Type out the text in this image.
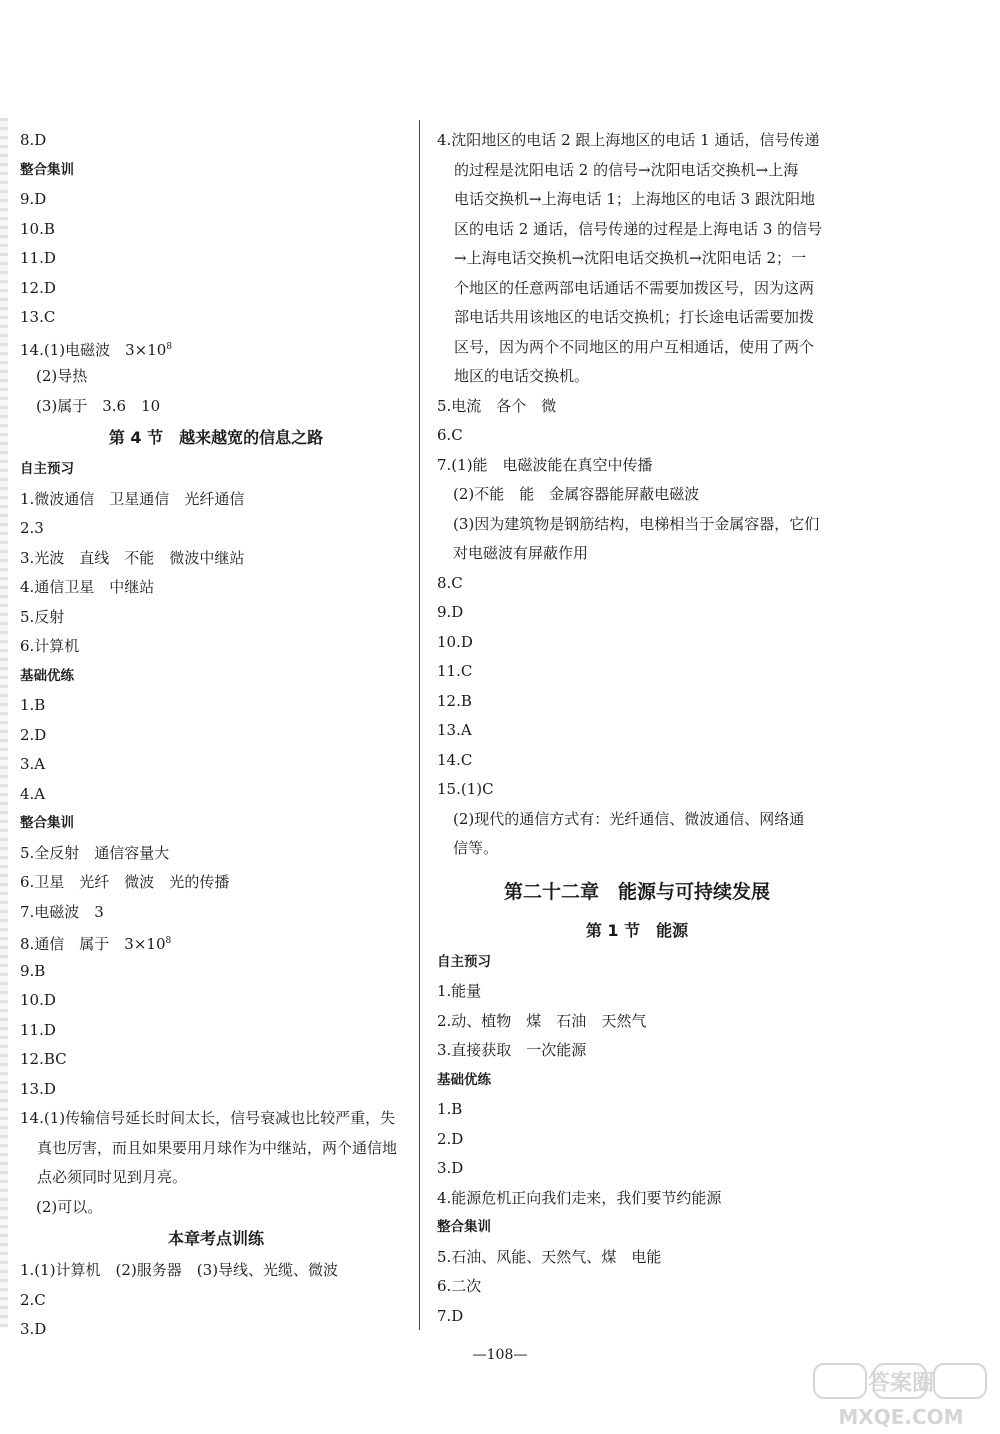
8.D
整合集训
9.D
10.B
11.D
12.D
13.C
14.(1)电磁波　$3\times 10^8$
(2)导热
(3)属于　3.6　10
第 4 节　越来越宽的信息之路
自主预习
1.微波通信　卫星通信　光纤通信
2.3
3.光波　直线　不能　微波中继站
4.通信卫星　中继站
5.反射
6.计算机
基础优练
1.B
2.D
3.A
4.A
整合集训
5.全反射　通信容量大
6.卫星　光纤　微波　光的传播
7.电磁波　3
8.通信　属于　$3\times 10^8$
9.B
10.D
11.D
12.BC
13.D
14.(1)传输信号延长时间太长，信号衰减也比较严重，失
真也厉害，而且如果要用月球作为中继站，两个通信地
点必须同时见到月亮。
(2)可以。
本章考点训练
1.(1)计算机　(2)服务器　(3)导线、光缆、微波
2.C
3.D
4.沈阳地区的电话 2 跟上海地区的电话 1 通话，信号传递
的过程是沈阳电话 2 的信号→沈阳电话交换机→上海
电话交换机→上海电话 1；上海地区的电话 3 跟沈阳地
区的电话 2 通话，信号传递的过程是上海电话 3 的信号
→上海电话交换机→沈阳电话交换机→沈阳电话 2；一
个地区的任意两部电话通话不需要加拨区号，因为这两
部电话共用该地区的电话交换机；打长途电话需要加拨
区号，因为两个不同地区的用户互相通话，使用了两个
地区的电话交换机。
5.电流　各个　微
6.C
7.(1)能　电磁波能在真空中传播
(2)不能　能　金属容器能屏蔽电磁波
(3)因为建筑物是钢筋结构，电梯相当于金属容器，它们
对电磁波有屏蔽作用
8.C
9.D
10.D
11.C
12.B
13.A
14.C
15.(1)C
(2)现代的通信方式有：光纤通信、微波通信、网络通
信等。
第二十二章　能源与可持续发展
第 1 节　能源
自主预习
1.能量
2.动、植物　煤　石油　天然气
3.直接获取　一次能源
基础优练
1.B
2.D
3.D
4.能源危机正向我们走来，我们要节约能源
整合集训
5.石油、风能、天然气、煤　电能
6.二次
7.D
—108—
答案圈
MXQE.COM
